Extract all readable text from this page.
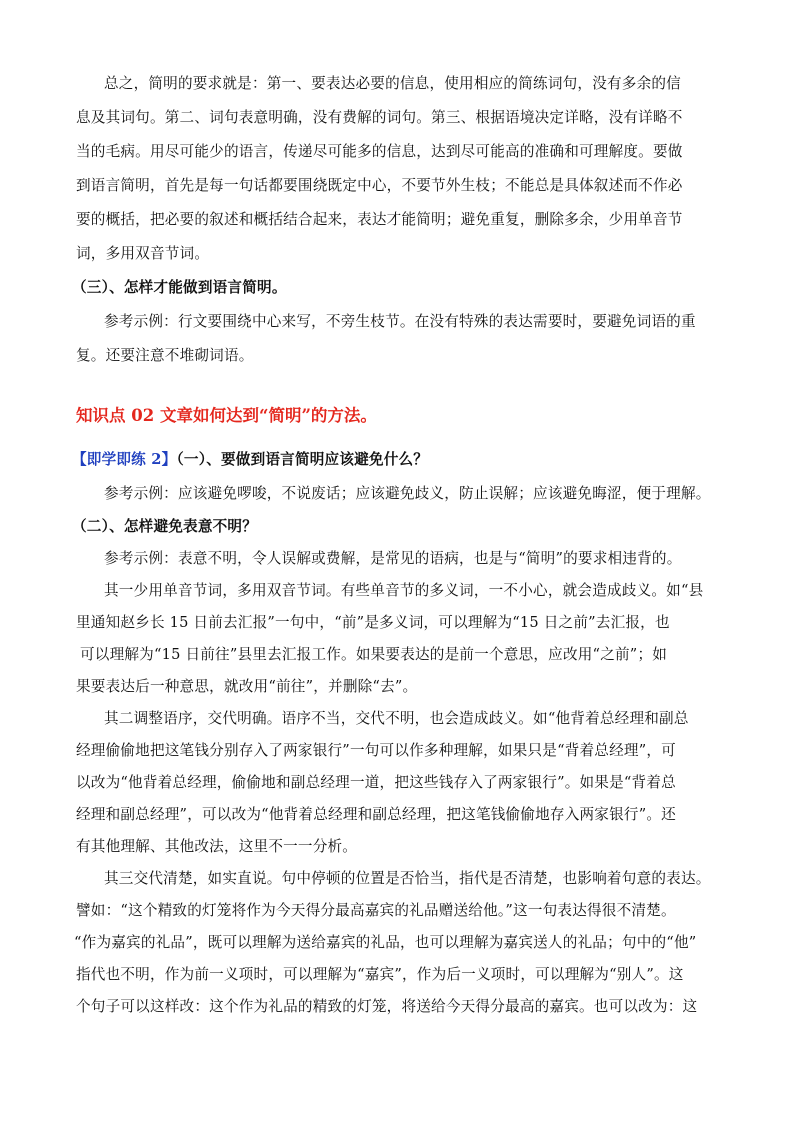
总之，简明的要求就是：第一、要表达必要的信息，使用相应的简练词句，没有多余的信
息及其词句。第二、词句表意明确，没有费解的词句。第三、根据语境决定详略，没有详略不
当的毛病。用尽可能少的语言，传递尽可能多的信息，达到尽可能高的准确和可理解度。要做
到语言简明，首先是每一句话都要围绕既定中心，不要节外生枝；不能总是具体叙述而不作必
要的概括，把必要的叙述和概括结合起来，表达才能简明；避免重复，删除多余，少用单音节
词，多用双音节词。
（三）、怎样才能做到语言简明。
参考示例：行文要围绕中心来写，不旁生枝节。在没有特殊的表达需要时，要避免词语的重
复。还要注意不堆砌词语。
知识点 02 文章如何达到“简明”的方法。
【即学即练 2】（一）、要做到语言简明应该避免什么？
参考示例：应该避免啰唆，不说废话；应该避免歧义，防止误解；应该避免晦涩，便于理解。
（二）、怎样避免表意不明？
参考示例：表意不明，令人误解或费解，是常见的语病，也是与“简明”的要求相违背的。
其一少用单音节词，多用双音节词。有些单音节的多义词，一不小心，就会造成歧义。如“县
里通知赵乡长 15 日前去汇报”一句中，“前”是多义词，可以理解为“15 日之前”去汇报，也
可以理解为“15 日前往”县里去汇报工作。如果要表达的是前一个意思，应改用“之前”；如
果要表达后一种意思，就改用“前往”，并删除“去”。
其二调整语序，交代明确。语序不当，交代不明，也会造成歧义。如“他背着总经理和副总
经理偷偷地把这笔钱分别存入了两家银行”一句可以作多种理解，如果只是“背着总经理”，可
以改为“他背着总经理，偷偷地和副总经理一道，把这些钱存入了两家银行”。如果是“背着总
经理和副总经理”，可以改为“他背着总经理和副总经理，把这笔钱偷偷地存入两家银行”。还
有其他理解、其他改法，这里不一一分析。
其三交代清楚，如实直说。句中停顿的位置是否恰当，指代是否清楚，也影响着句意的表达。
譬如：“这个精致的灯笼将作为今天得分最高嘉宾的礼品赠送给他。”这一句表达得很不清楚。
“作为嘉宾的礼品”，既可以理解为送给嘉宾的礼品，也可以理解为嘉宾送人的礼品；句中的“他”
指代也不明，作为前一义项时，可以理解为“嘉宾”，作为后一义项时，可以理解为“别人”。这
个句子可以这样改：这个作为礼品的精致的灯笼，将送给今天得分最高的嘉宾。也可以改为：这
